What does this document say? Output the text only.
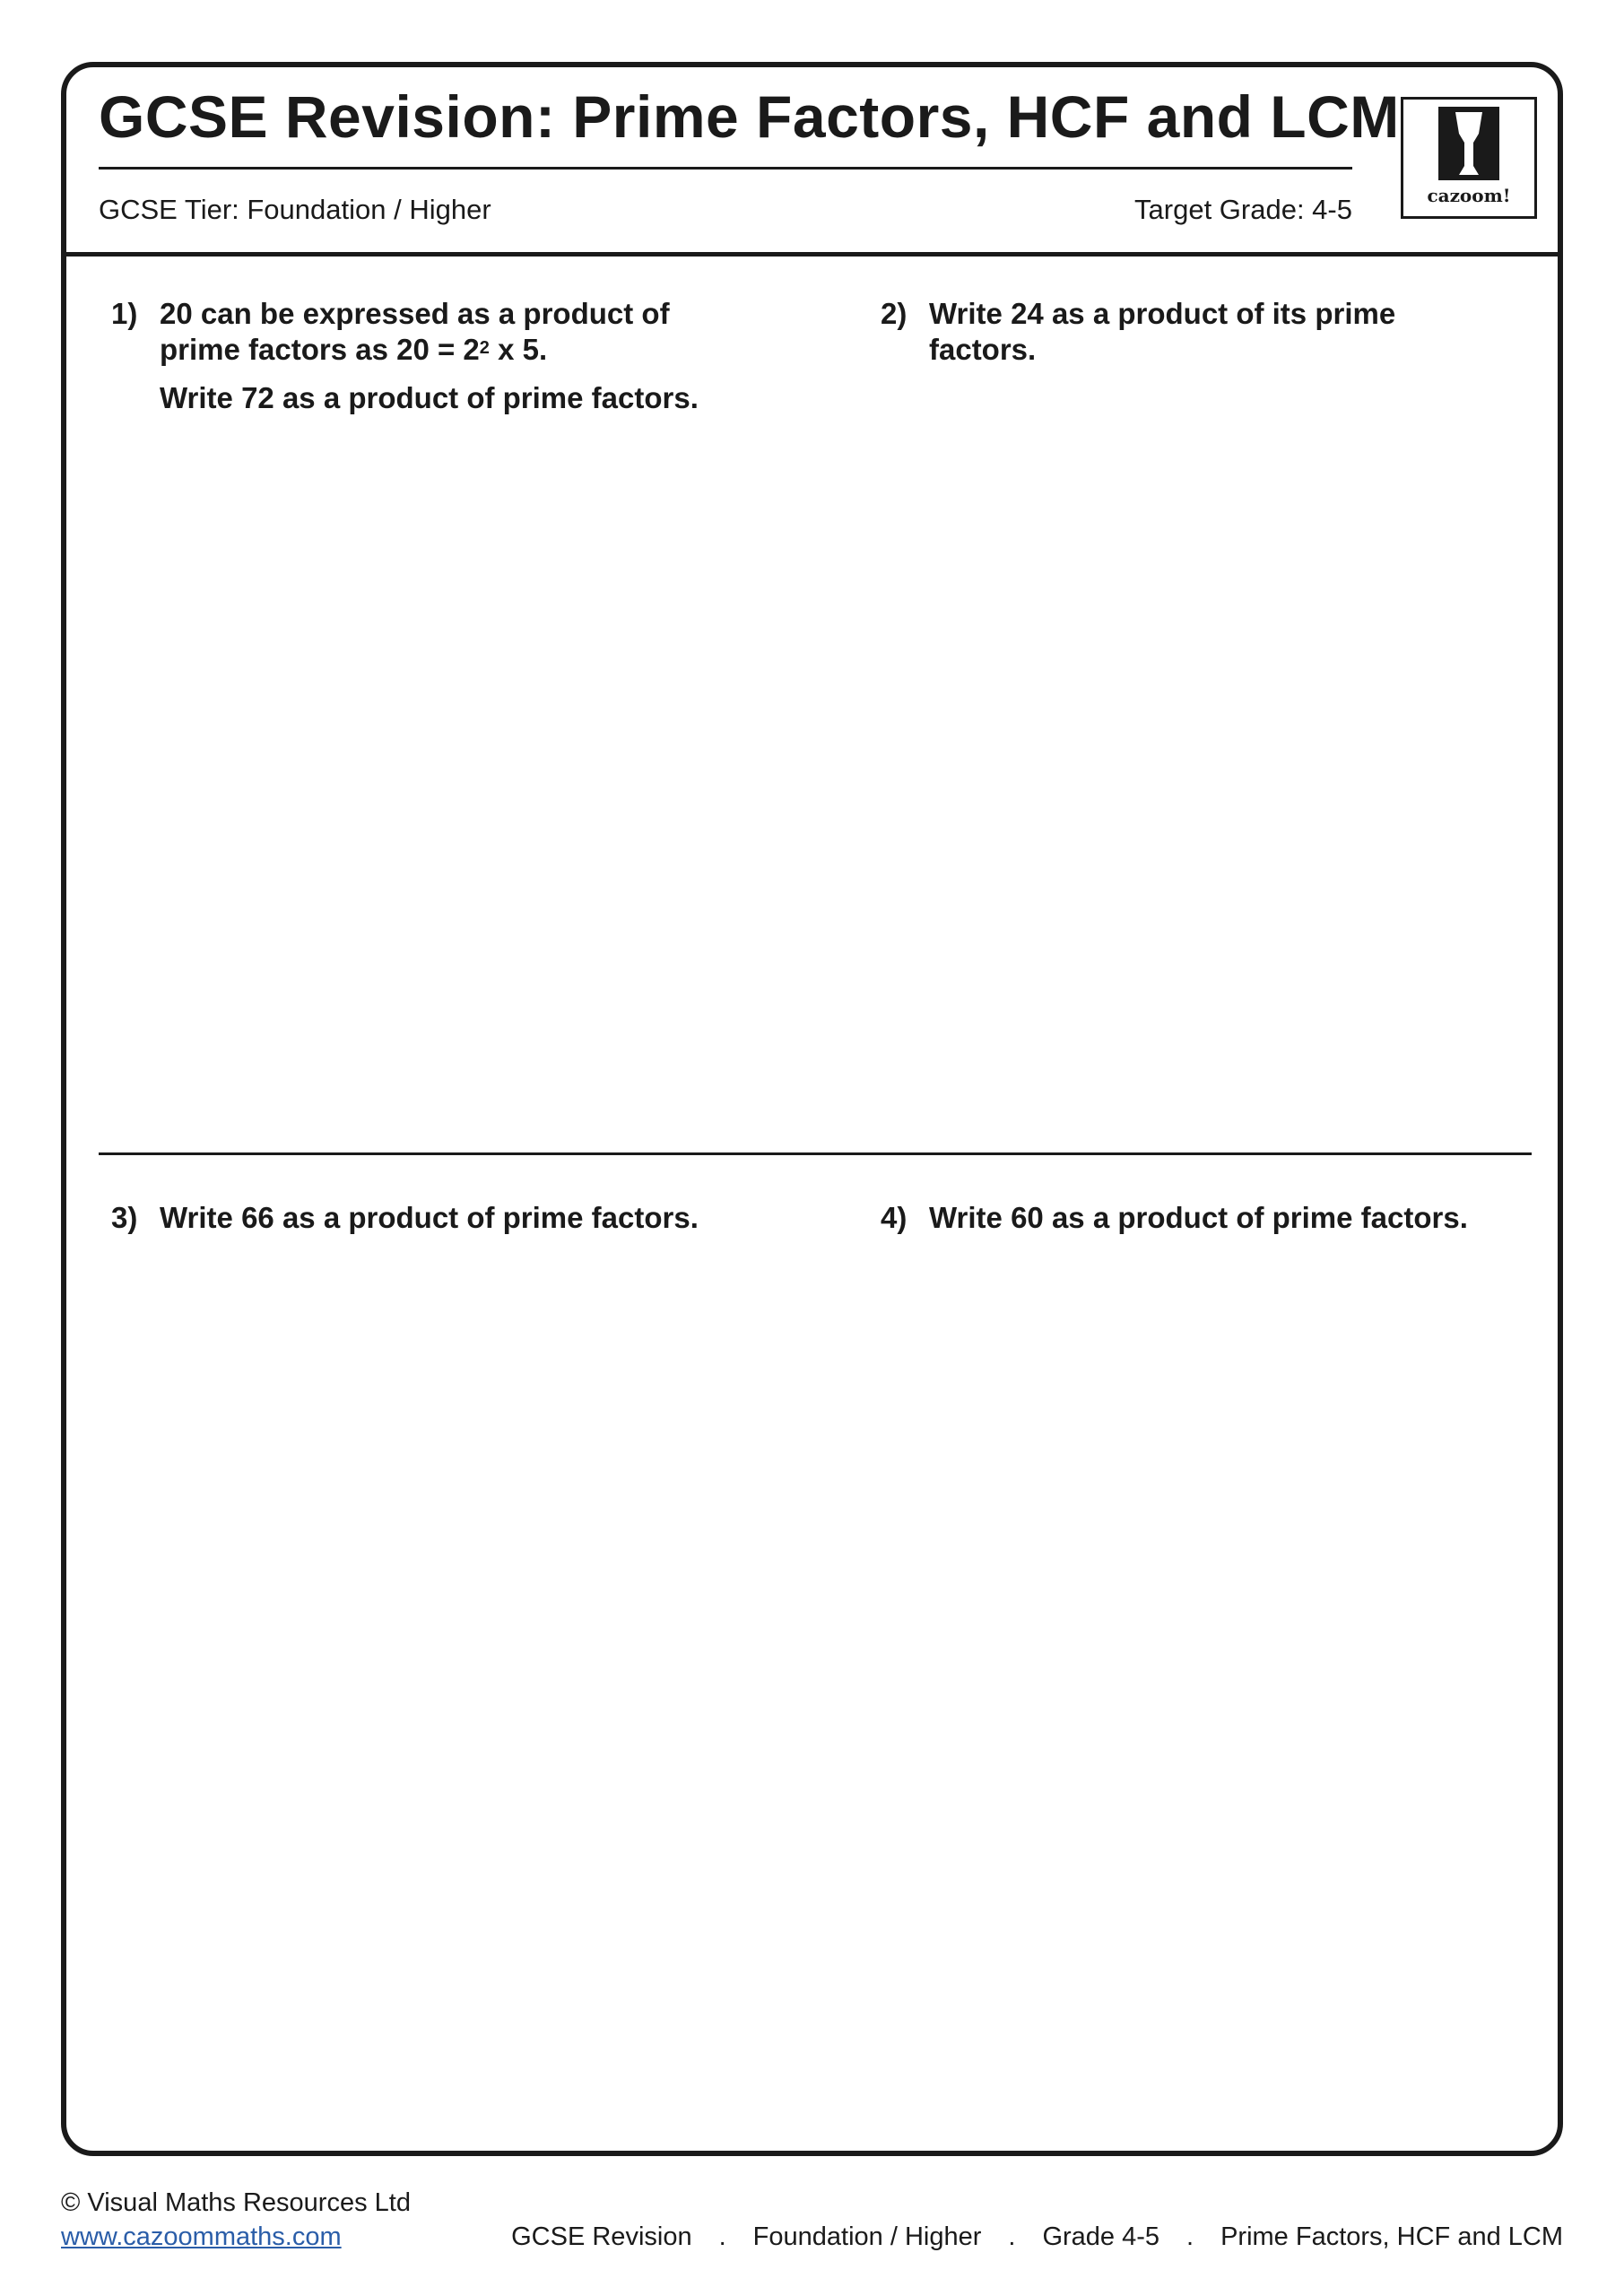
GCSE Revision: Prime Factors, HCF and LCM
GCSE Tier: Foundation / Higher	Target Grade: 4-5	cazoom!
1) 20 can be expressed as a product of

prime factors as $20 = 2^2$ x 5.

Write 72 as a product of prime factors.

2) Write 24 as a product of its prime

factors.

3) Write 66 as a product of prime factors.	4) Write 60 as a product of prime factors.

© Visual Maths Resources Ltd
www.cazoommaths.com	GCSE Revision . Foundation / Higher . Grade 4-5 . Prime Factors, HCF and LCM
